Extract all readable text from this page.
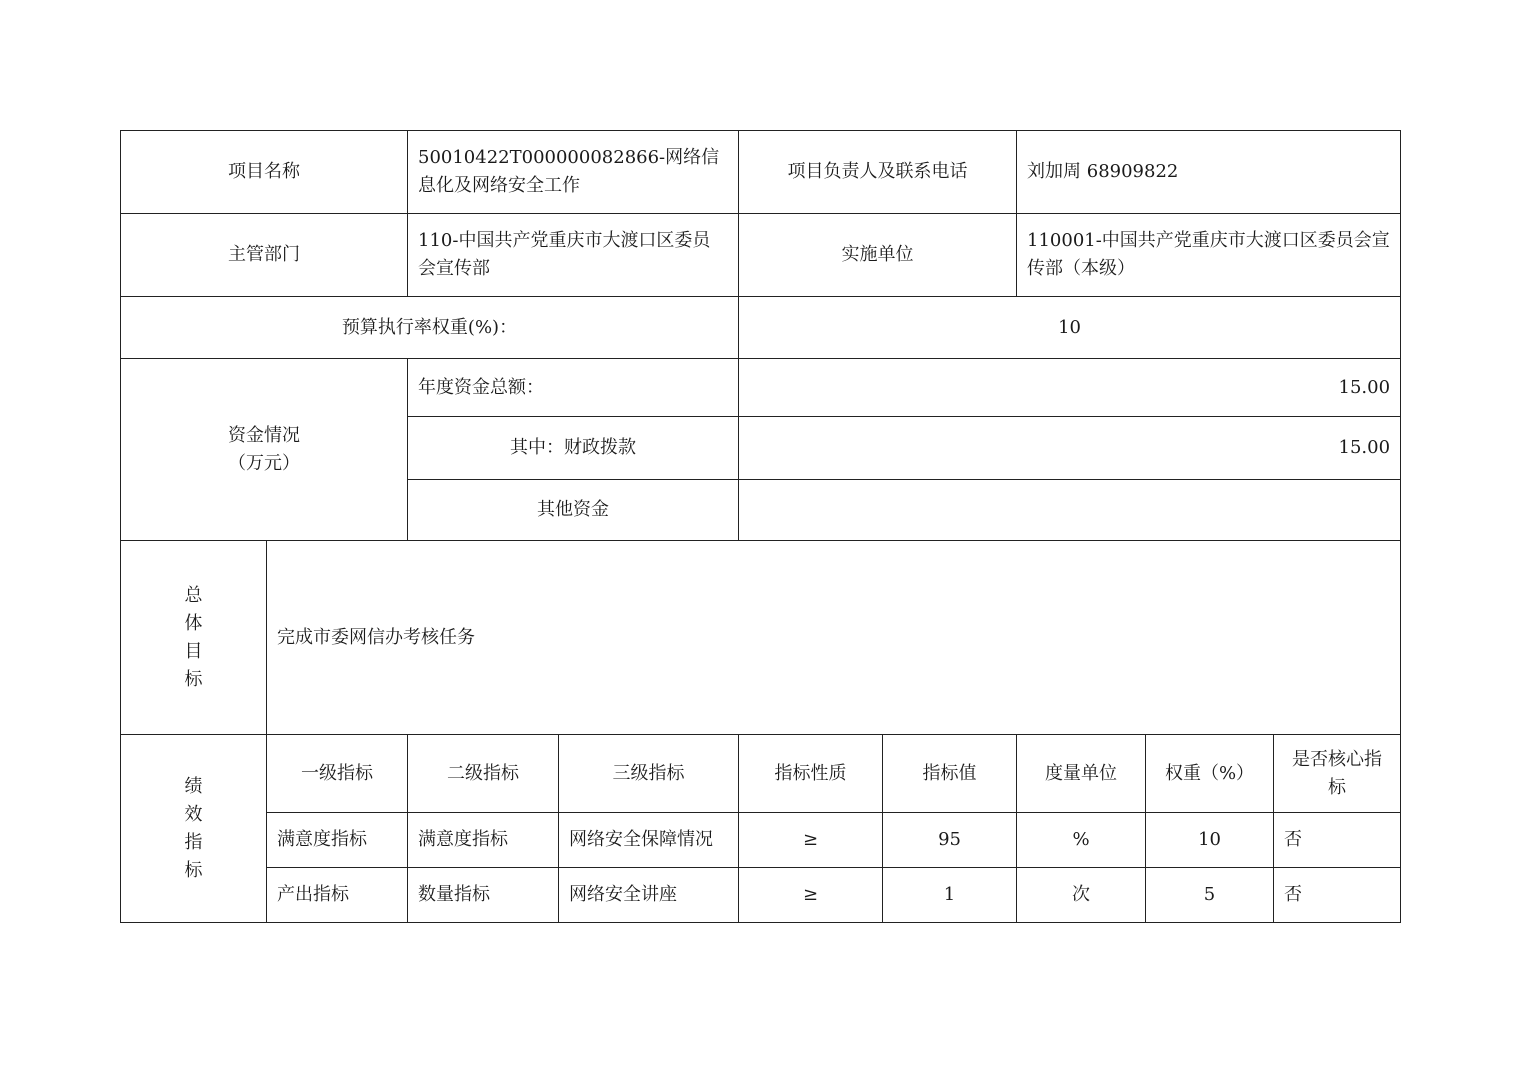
项目名称		50010422T000000082866-网络信息化及网络安全工作		项目负责人及联系电话		刘加周 68909822		
主管部门		110-中国共产党重庆市大渡口区委员会宣传部		实施单位		110001-中国共产党重庆市大渡口区委员会宣传部（本级）		
预算执行率权重(%)：				10				

资金情况
（万元）		年度资金总额：		15.00				
		其中：财政拨款		15.00				
		其他资金						

总
体
目
标	完成市委网信办考核任务							

绩
效
指
标	一级指标	二级指标	三级指标	指标性质	指标值	度量单位	权重（%）	是否核心指标
	满意度指标	满意度指标	网络安全保障情况	≥	95	%	10	否
	产出指标	数量指标	网络安全讲座	≥	1	次	5	否
